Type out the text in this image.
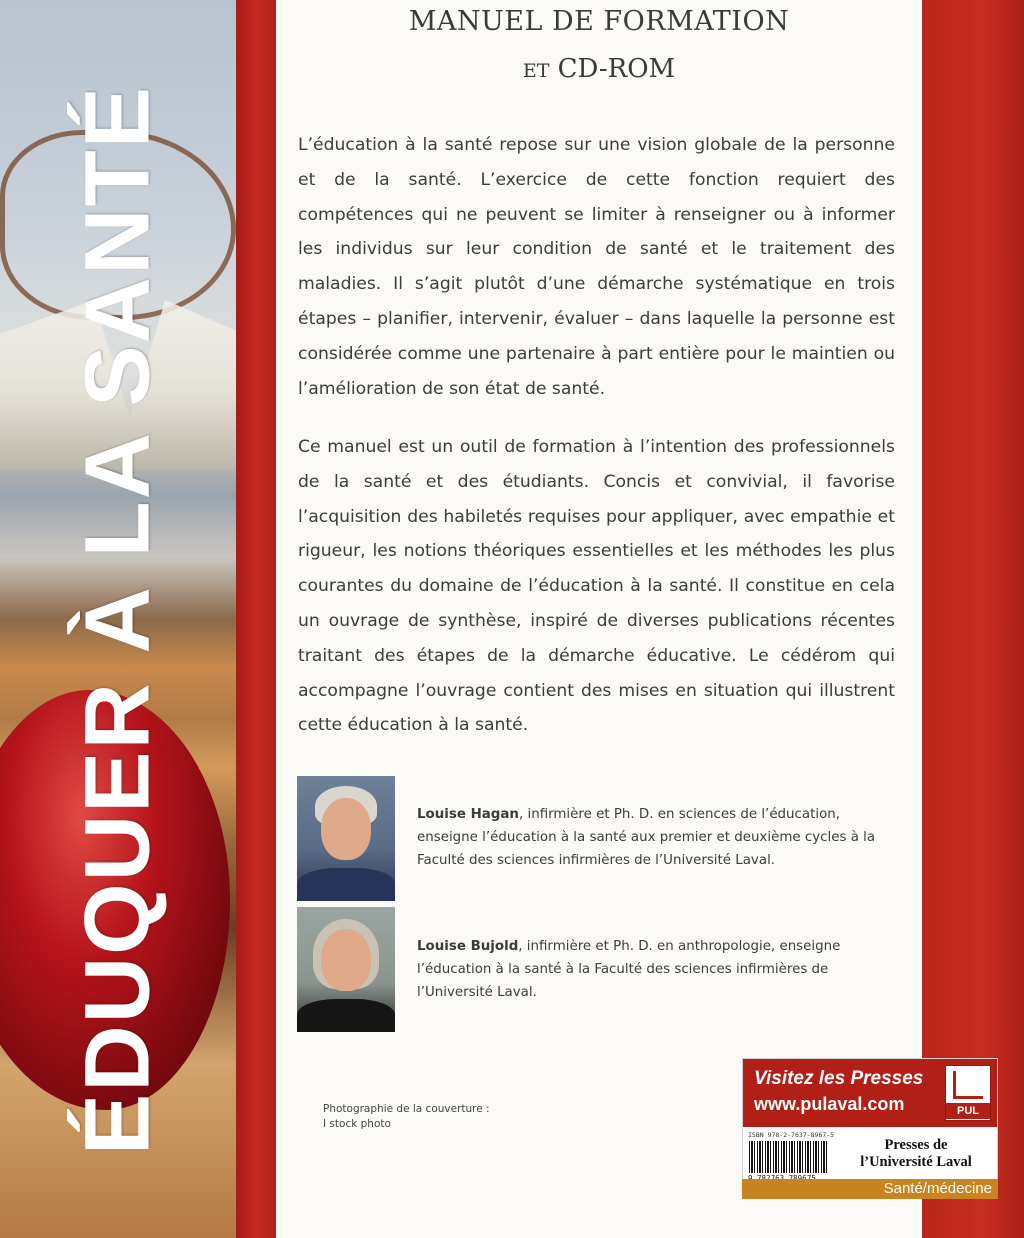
ÉDUQUER À LA SANTÉ
MANUEL DE FORMATION
ET CD-ROM

L’éducation à la santé repose sur une vision globale de la personne et de la santé. L’exercice de cette fonction requiert des compétences qui ne peuvent se limiter à renseigner ou à informer les individus sur leur condition de santé et le traitement des maladies. Il s’agit plutôt d’une démarche systématique en trois étapes – planifier, intervenir, évaluer – dans laquelle la personne est considérée comme une partenaire à part entière pour le maintien ou l’amélioration de son état de santé.

Ce manuel est un outil de formation à l’intention des professionnels de la santé et des étudiants. Concis et convivial, il favorise l’acquisition des habiletés requises pour appliquer, avec empathie et rigueur, les notions théoriques essentielles et les méthodes les plus courantes du domaine de l’éducation à la santé. Il constitue en cela un ouvrage de synthèse, inspiré de diverses publications récentes traitant des étapes de la démarche éducative. Le cédérom qui accompagne l’ouvrage contient des mises en situation qui illustrent cette éducation à la santé.

Louise Hagan, infirmière et Ph. D. en sciences de l’éducation, enseigne l’éducation à la santé aux premier et deuxième cycles à la Faculté des sciences infirmières de l’Université Laval.

Louise Bujold, infirmière et Ph. D. en anthropologie, enseigne l’éducation à la santé à la Faculté des sciences infirmières de l’Université Laval.

Photographie de la couverture :
I stock photo
Visitez les Presses
www.pulaval.com	PUL
ISBN 978-2-7637-8967-5
Presses de
l’Université Laval
Santé/médecine
